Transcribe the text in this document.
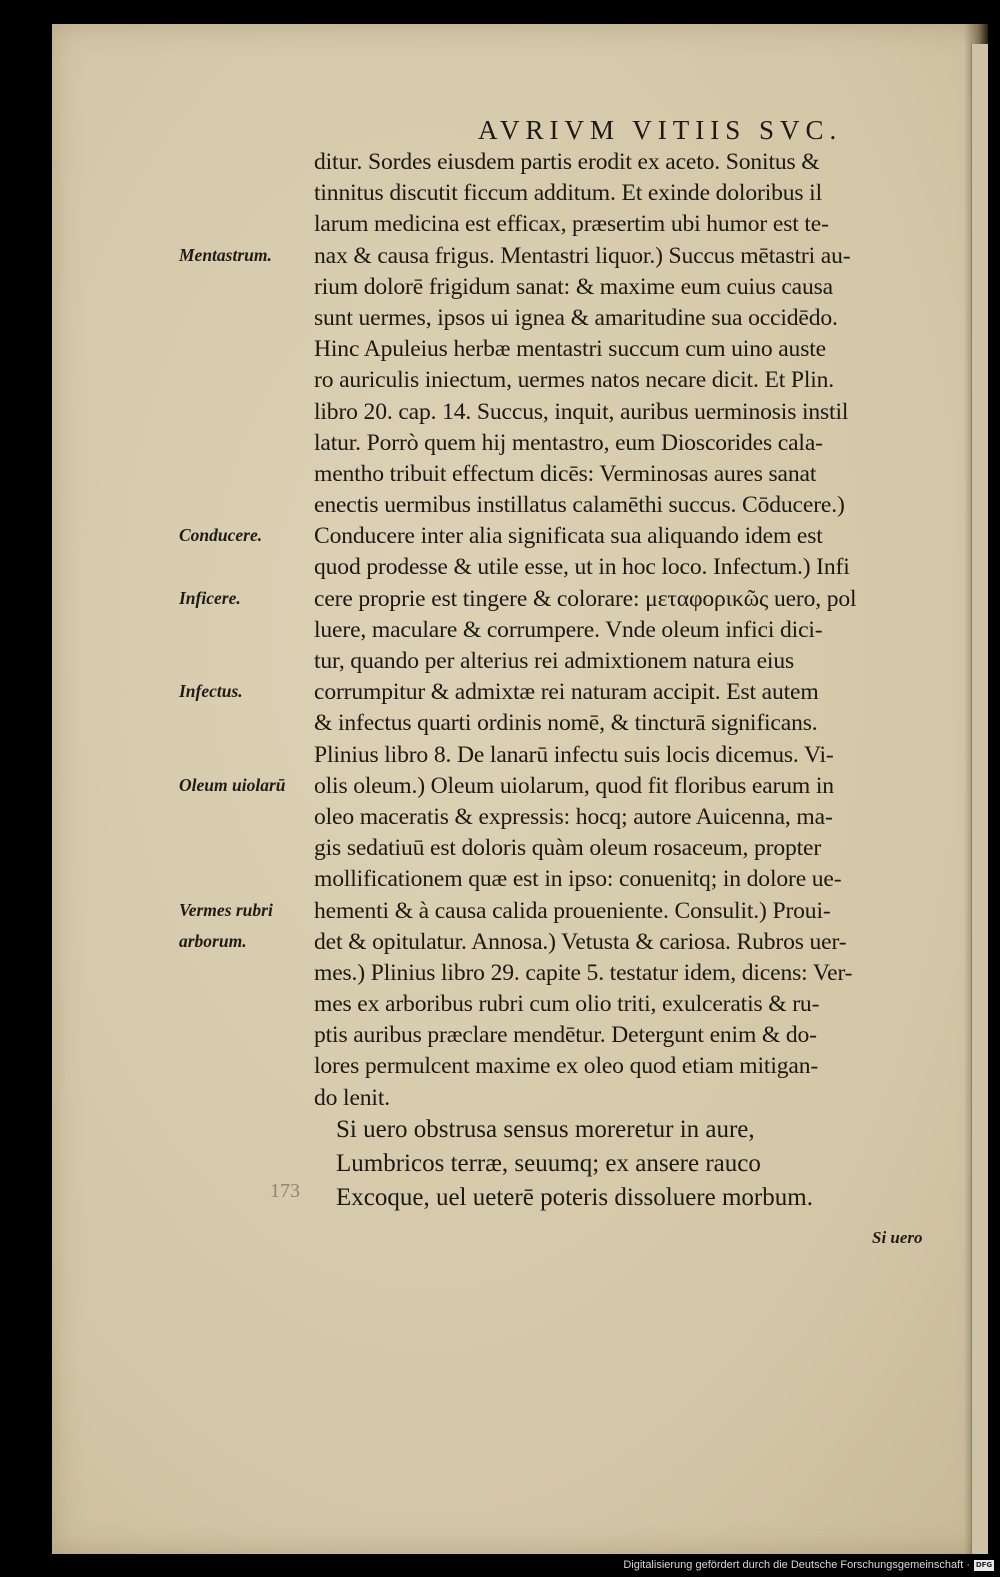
AVRIVM VITIIS SVC.
ditur. Sordes eiusdem partis erodit ex aceto. Sonitus &
tinnitus discutit ficcum additum. Et exinde doloribus il
larum medicina est efficax, præsertim ubi humor est te-
nax & causa frigus. Mentastri liquor.) Succus mētastri au-
rium dolorē frigidum sanat: & maxime eum cuius causa
sunt uermes, ipsos ui ignea & amaritudine sua occidēdo.
Hinc Apuleius herbæ mentastri succum cum uino auste
ro auriculis iniectum, uermes natos necare dicit. Et Plin.
libro 20. cap. 14. Succus, inquit, auribus uerminosis instil
latur. Porrò quem hij mentastro, eum Dioscorides cala-
mentho tribuit effectum dicēs: Verminosas aures sanat
enectis uermibus instillatus calamēthi succus. Cōducere.)
Conducere inter alia significata sua aliquando idem est
quod prodesse & utile esse, ut in hoc loco. Infectum.) Infi
cere proprie est tingere & colorare: μεταφορικῶς uero, pol
luere, maculare & corrumpere. Vnde oleum infici dici-
tur, quando per alterius rei admixtionem natura eius
corrumpitur & admixtæ rei naturam accipit. Est autem
& infectus quarti ordinis nomē, & tincturā significans.
Plinius libro 8. De lanarū infectu suis locis dicemus. Vi-
olis oleum.) Oleum uiolarum, quod fit floribus earum in
oleo maceratis & expressis: hocq; autore Auicenna, ma-
gis sedatiuū est doloris quàm oleum rosaceum, propter
mollificationem quæ est in ipso: conuenitq; in dolore ue-
hementi & à causa calida proueniente. Consulit.) Proui-
det & opitulatur. Annosa.) Vetusta & cariosa. Rubros uer-
mes.) Plinius libro 29. capite 5. testatur idem, dicens: Ver-
mes ex arboribus rubri cum olio triti, exulceratis & ru-
ptis auribus præclare mendētur. Detergunt enim & do-
lores permulcent maxime ex oleo quod etiam mitigan-
do lenit.
Mentastrum.
Conducere.
Inficere.
Infectus.
Oleum uiolarū
Vermes rubri
arborum.
Si uero obstrusa sensus moreretur in aure,
Lumbricos terræ, seuumq; ex ansere rauco
Excoque, uel ueterē poteris dissoluere morbum.
173
Si uero
Digitalisierung gefördert durch die Deutsche Forschungsgemeinschaft · DFG
